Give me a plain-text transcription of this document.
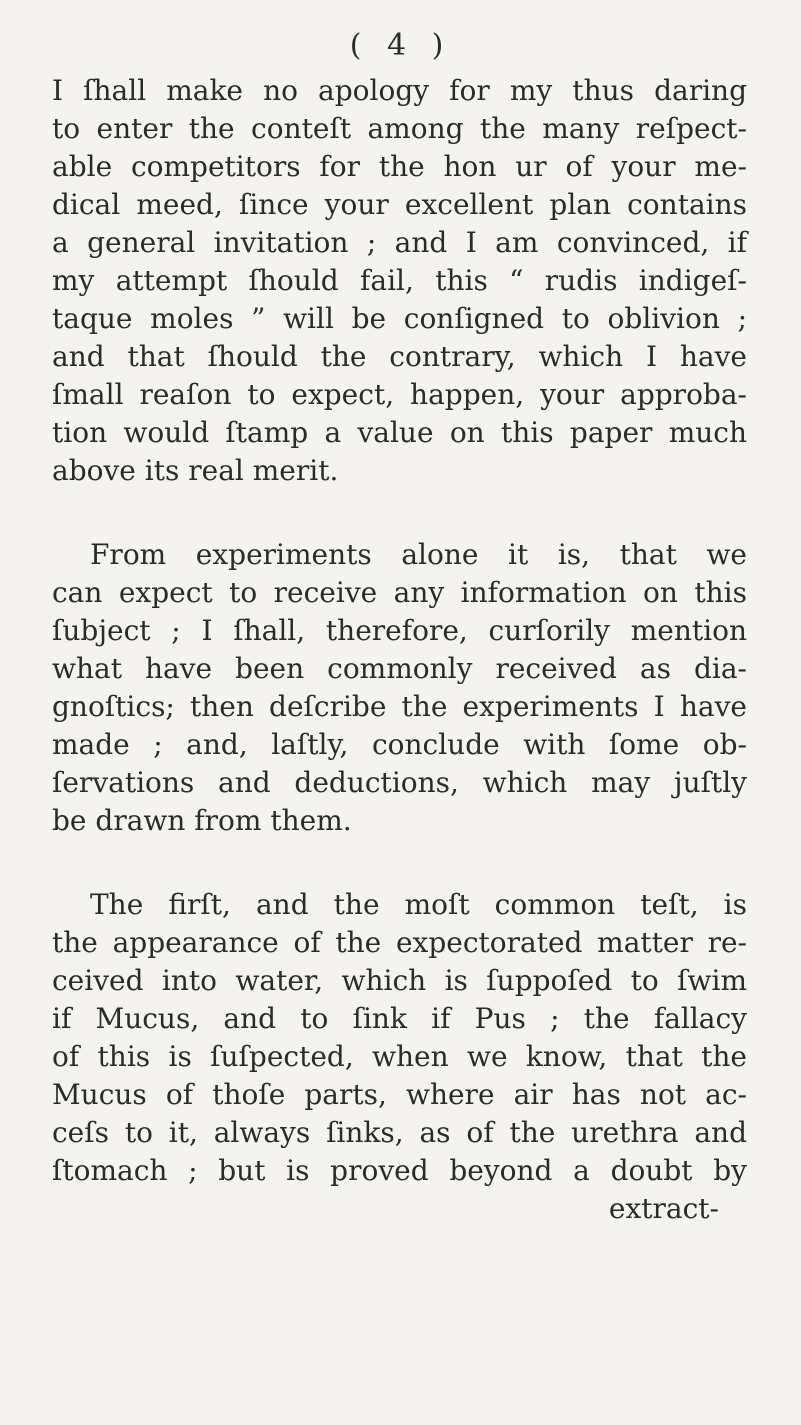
( 4 )
I ſhall make no apology for my thus daring
to enter the conteſt among the many reſpect-
able competitors for the hon ur of your me-
dical meed, ſince your excellent plan contains
a general invitation ; and I am convinced, if
my attempt ſhould fail, this “ rudis indigeſ-
taque moles ” will be conſigned to oblivion ;
and that ſhould the contrary, which I have
ſmall reaſon to expect, happen, your approba-
tion would ſtamp a value on this paper much
above its real merit.
From experiments alone it is, that we
can expect to receive any information on this
ſubject ; I ſhall, therefore, curſorily mention
what have been commonly received as dia-
gnoſtics; then deſcribe the experiments I have
made ; and, laſtly, conclude with ſome ob-
ſervations and deductions, which may juſtly
be drawn from them.
The firſt, and the moſt common teſt, is
the appearance of the expectorated matter re-
ceived into water, which is ſuppoſed to ſwim
if Mucus, and to ſink if Pus ; the fallacy
of this is ſuſpected, when we know, that the
Mucus of thoſe parts, where air has not ac-
ceſs to it, always ſinks, as of the urethra and
ſtomach ; but is proved beyond a doubt by
extract-
